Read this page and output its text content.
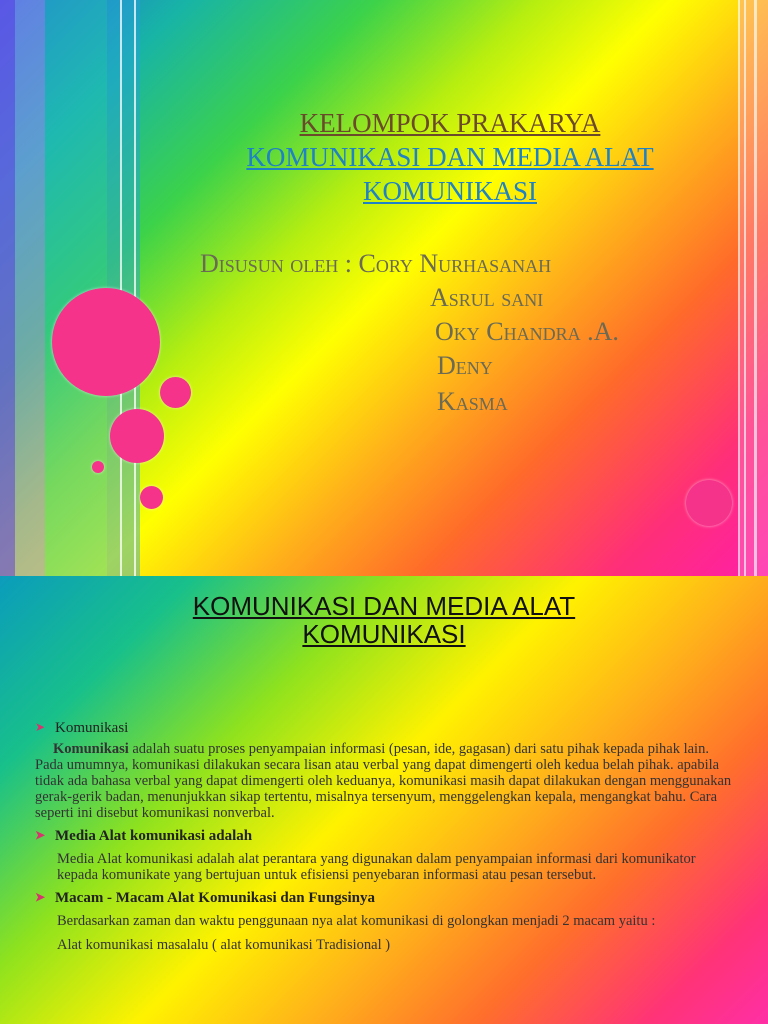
KELOMPOK PRAKARYA
KOMUNIKASI DAN MEDIA ALAT
KOMUNIKASI
Disusun oleh : Cory Nurhasanah
Asrul sani
Oky Chandra .A.
Deny
Kasma
KOMUNIKASI DAN MEDIA ALAT
KOMUNIKASI
➤ Komunikasi
Komunikasi adalah suatu proses penyampaian informasi (pesan, ide, gagasan) dari satu pihak kepada pihak lain. Pada umumnya, komunikasi dilakukan secara lisan atau verbal yang dapat dimengerti oleh kedua belah pihak. apabila tidak ada bahasa verbal yang dapat dimengerti oleh keduanya, komunikasi masih dapat dilakukan dengan menggunakan gerak-gerik badan, menunjukkan sikap tertentu, misalnya tersenyum, menggelengkan kepala, mengangkat bahu. Cara seperti ini disebut komunikasi nonverbal.
➤ Media Alat komunikasi adalah
Media Alat komunikasi adalah alat perantara yang digunakan dalam penyampaian informasi dari komunikator kepada komunikate yang bertujuan untuk efisiensi penyebaran informasi atau pesan tersebut.
➤ Macam - Macam Alat Komunikasi dan Fungsinya
Berdasarkan zaman dan waktu penggunaan nya alat komunikasi di golongkan menjadi 2 macam yaitu :
Alat komunikasi masalalu ( alat komunikasi Tradisional )
